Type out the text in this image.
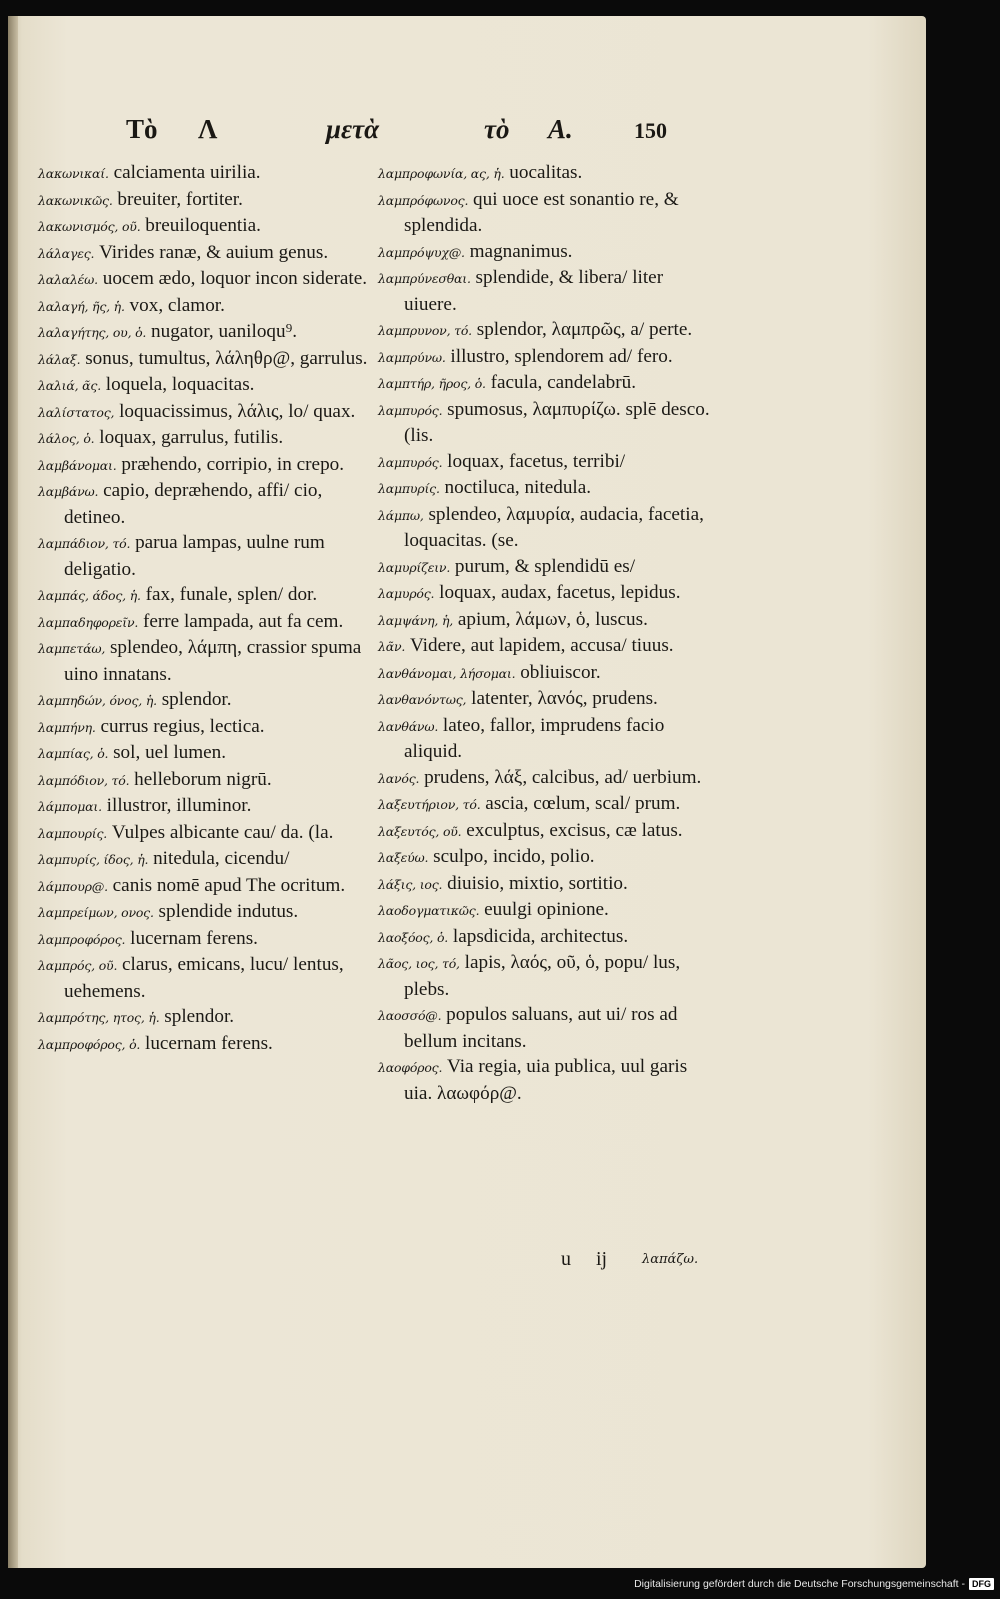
Tὸ Λ	μετὰ	τὸ Α.	150

λακωνικαί. calciamenta uirilia.

λακωνικῶς. breuiter, fortiter.

λακωνισμός, οῦ. breuiloquentia.

λάλαγες. Virides ranæ, & auium genus.

λαλαλέω. uocem ædo, loquor incon siderate.

λαλαγή, ῆς, ἡ. vox, clamor.

λαλαγήτης, ου, ὁ. nugator, uaniloqu⁹.

λάλαξ. sonus, tumultus, λάληθρ@, garrulus.

λαλιά, ᾶς. loquela, loquacitas.

λαλίστατος, loquacissimus, λάλις, lo/ quax.

λάλος, ὁ. loquax, garrulus, futilis.

λαμβάνομαι. præhendo, corripio, in crepo.

λαμβάνω. capio, depræhendo, affi/ cio, detineo.

λαμπάδιον, τό. parua lampas, uulne rum deligatio.

λαμπάς, άδος, ἡ. fax, funale, splen/ dor.

λαμπαδηφορεῖν. ferre lampada, aut fa cem.

λαμπετάω, splendeo, λάμπη, crassior spuma uino innatans.

λαμπηδών, όνος, ἡ. splendor.

λαμπήνη. currus regius, lectica.

λαμπίας, ὁ. sol, uel lumen.

λαμπόδιον, τό. helleborum nigrū.

λάμπομαι. illustror, illuminor.

λαμπουρίς. Vulpes albicante cau/ da. (la.

λαμπυρίς, ίδος, ἡ. nitedula, cicendu/

λάμπουρ@. canis nomē apud The ocritum.

λαμπρείμων, ονος. splendide indutus.

λαμπροφόρος. lucernam ferens.

λαμπρός, οῦ. clarus, emicans, lucu/ lentus, uehemens.

λαμπρότης, ητος, ἡ. splendor.

λαμπροφόρος, ὁ. lucernam ferens.

λαμπροφωνία, ας, ἡ. uocalitas.

λαμπρόφωνος. qui uoce est sonantio re, & splendida.

λαμπρόψυχ@. magnanimus.

λαμπρύνεσθαι. splendide, & libera/ liter uiuere.

λαμπρυνον, τό. splendor, λαμπρῶς, a/ perte.

λαμπρύνω. illustro, splendorem ad/ fero.

λαμπτήρ, ῆρος, ὁ. facula, candelabrū.

λαμπυρός. spumosus, λαμπυρίζω. splē desco. (lis.

λαμπυρός. loquax, facetus, terribi/

λαμπυρίς. noctiluca, nitedula.

λάμπω, splendeo, λαμυρία, audacia, facetia, loquacitas. (se.

λαμυρίζειν. purum, & splendidū es/

λαμυρός. loquax, audax, facetus, lepidus.

λαμψάνη, ἡ, apium, λάμων, ὁ, luscus.

λᾶν. Videre, aut lapidem, accusa/ tiuus.

λανθάνομαι, λήσομαι. obliuiscor.

λανθανόντως, latenter, λανός, prudens.

λανθάνω. lateo, fallor, imprudens facio aliquid.

λανός. prudens, λάξ, calcibus, ad/ uerbium.

λαξευτήριον, τό. ascia, cœlum, scal/ prum.

λαξευτός, οῦ. exculptus, excisus, cæ latus.

λαξεύω. sculpo, incido, polio.

λάξις, ιος. diuisio, mixtio, sortitio.

λαοδογματικῶς. euulgi opinione.

λαοξόος, ὁ. lapsdicida, architectus.

λᾶος, ιος, τό, lapis, λαός, οῦ, ὁ, popu/ lus, plebs.

λαοσσό@. populos saluans, aut ui/ ros ad bellum incitans.

λαοφόρος. Via regia, uia publica, uul garis uia. λαωφόρ@.

u ij	λαπάζω.
Digitalisierung gefördert durch die Deutsche Forschungsgemeinschaft - DFG
